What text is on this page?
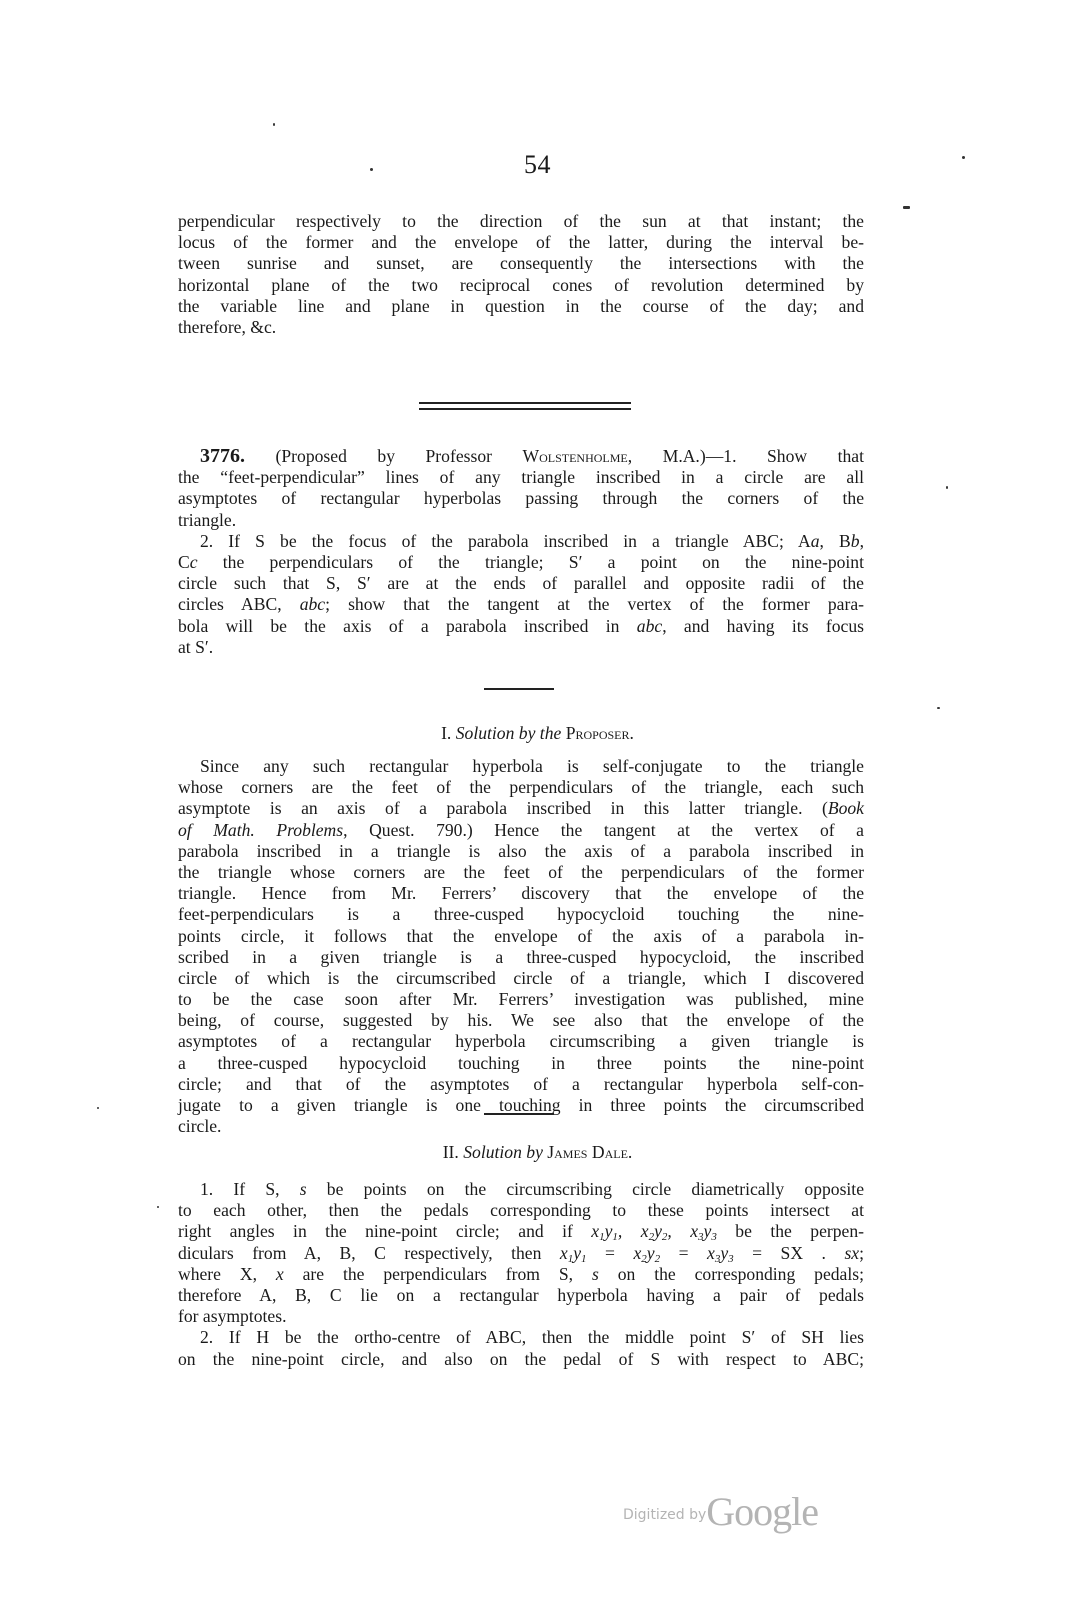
54
perpendicular respectively to the direction of the sun at that instant; the
locus of the former and the envelope of the latter, during the interval be-
tween sunrise and sunset, are consequently the intersections with the
horizontal plane of the two reciprocal cones of revolution determined by
the variable line and plane in question in the course of the day; and
therefore, &c.
3776. (Proposed by Professor Wolstenholme, M.A.)—1. Show that
the “feet-perpendicular” lines of any triangle inscribed in a circle are all
asymptotes of rectangular hyperbolas passing through the corners of the
triangle.
2. If S be the focus of the parabola inscribed in a triangle ABC; Aa, Bb,
Cc the perpendiculars of the triangle; S′ a point on the nine-point
circle such that S, S′ are at the ends of parallel and opposite radii of the
circles ABC, abc; show that the tangent at the vertex of the former para-
bola will be the axis of a parabola inscribed in abc, and having its focus
at S′.
I. Solution by the Proposer.
Since any such rectangular hyperbola is self-conjugate to the triangle
whose corners are the feet of the perpendiculars of the triangle, each such
asymptote is an axis of a parabola inscribed in this latter triangle. (Book
of Math. Problems, Quest. 790.) Hence the tangent at the vertex of a
parabola inscribed in a triangle is also the axis of a parabola inscribed in
the triangle whose corners are the feet of the perpendiculars of the former
triangle. Hence from Mr. Ferrers’ discovery that the envelope of the
feet-perpendiculars is a three-cusped hypocycloid touching the nine-
points circle, it follows that the envelope of the axis of a parabola in-
scribed in a given triangle is a three-cusped hypocycloid, the inscribed
circle of which is the circumscribed circle of a triangle, which I discovered
to be the case soon after Mr. Ferrers’ investigation was published, mine
being, of course, suggested by his. We see also that the envelope of the
asymptotes of a rectangular hyperbola circumscribing a given triangle is
a three-cusped hypocycloid touching in three points the nine-point
circle; and that of the asymptotes of a rectangular hyperbola self-con-
jugate to a given triangle is one touching in three points the circumscribed
circle.
II. Solution by James Dale.
1. If S, s be points on the circumscribing circle diametrically opposite
to each other, then the pedals corresponding to these points intersect at
right angles in the nine-point circle; and if $x_1y_1$, $x_2y_2$, $x_3y_3$ be the perpen-
diculars from A, B, C respectively, then $x_1y_1 = x_2y_2 = x_3y_3$ = SX . sx;
where X, x are the perpendiculars from S, s on the corresponding pedals;
therefore A, B, C lie on a rectangular hyperbola having a pair of pedals
for asymptotes.
2. If H be the ortho-centre of ABC, then the middle point S′ of SH lies
on the nine-point circle, and also on the pedal of S with respect to ABC;
Digitized byGoogle
